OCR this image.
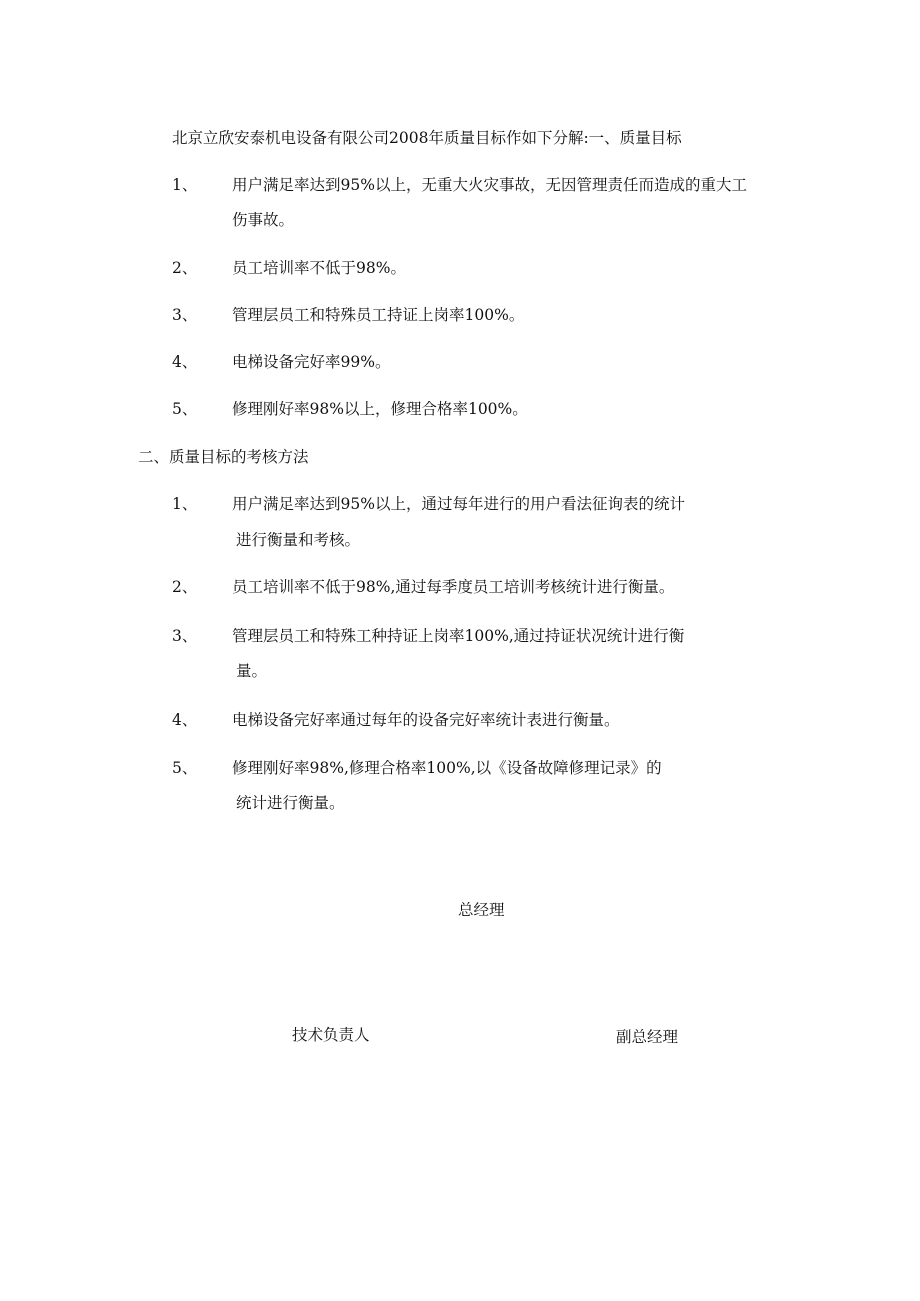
北京立欣安泰机电设备有限公司2008年质量目标作如下分解:一、质量目标
1、 用户满足率达到95%以上，无重大火灾事故，无因管理责任而造成的重大工
伤事故。
2、 员工培训率不低于98%。
3、 管理层员工和特殊员工持证上岗率100%。
4、 电梯设备完好率99%。
5、 修理刚好率98%以上，修理合格率100%。
二、质量目标的考核方法
1、 用户满足率达到95%以上，通过每年进行的用户看法征询表的统计
进行衡量和考核。
2、 员工培训率不低于98%,通过每季度员工培训考核统计进行衡量。
3、 管理层员工和特殊工种持证上岗率100%,通过持证状况统计进行衡
量。
4、 电梯设备完好率通过每年的设备完好率统计表进行衡量。
5、 修理刚好率98%,修理合格率100%,以《设备故障修理记录》的
统计进行衡量。
总经理
技术负责人	副总经理
